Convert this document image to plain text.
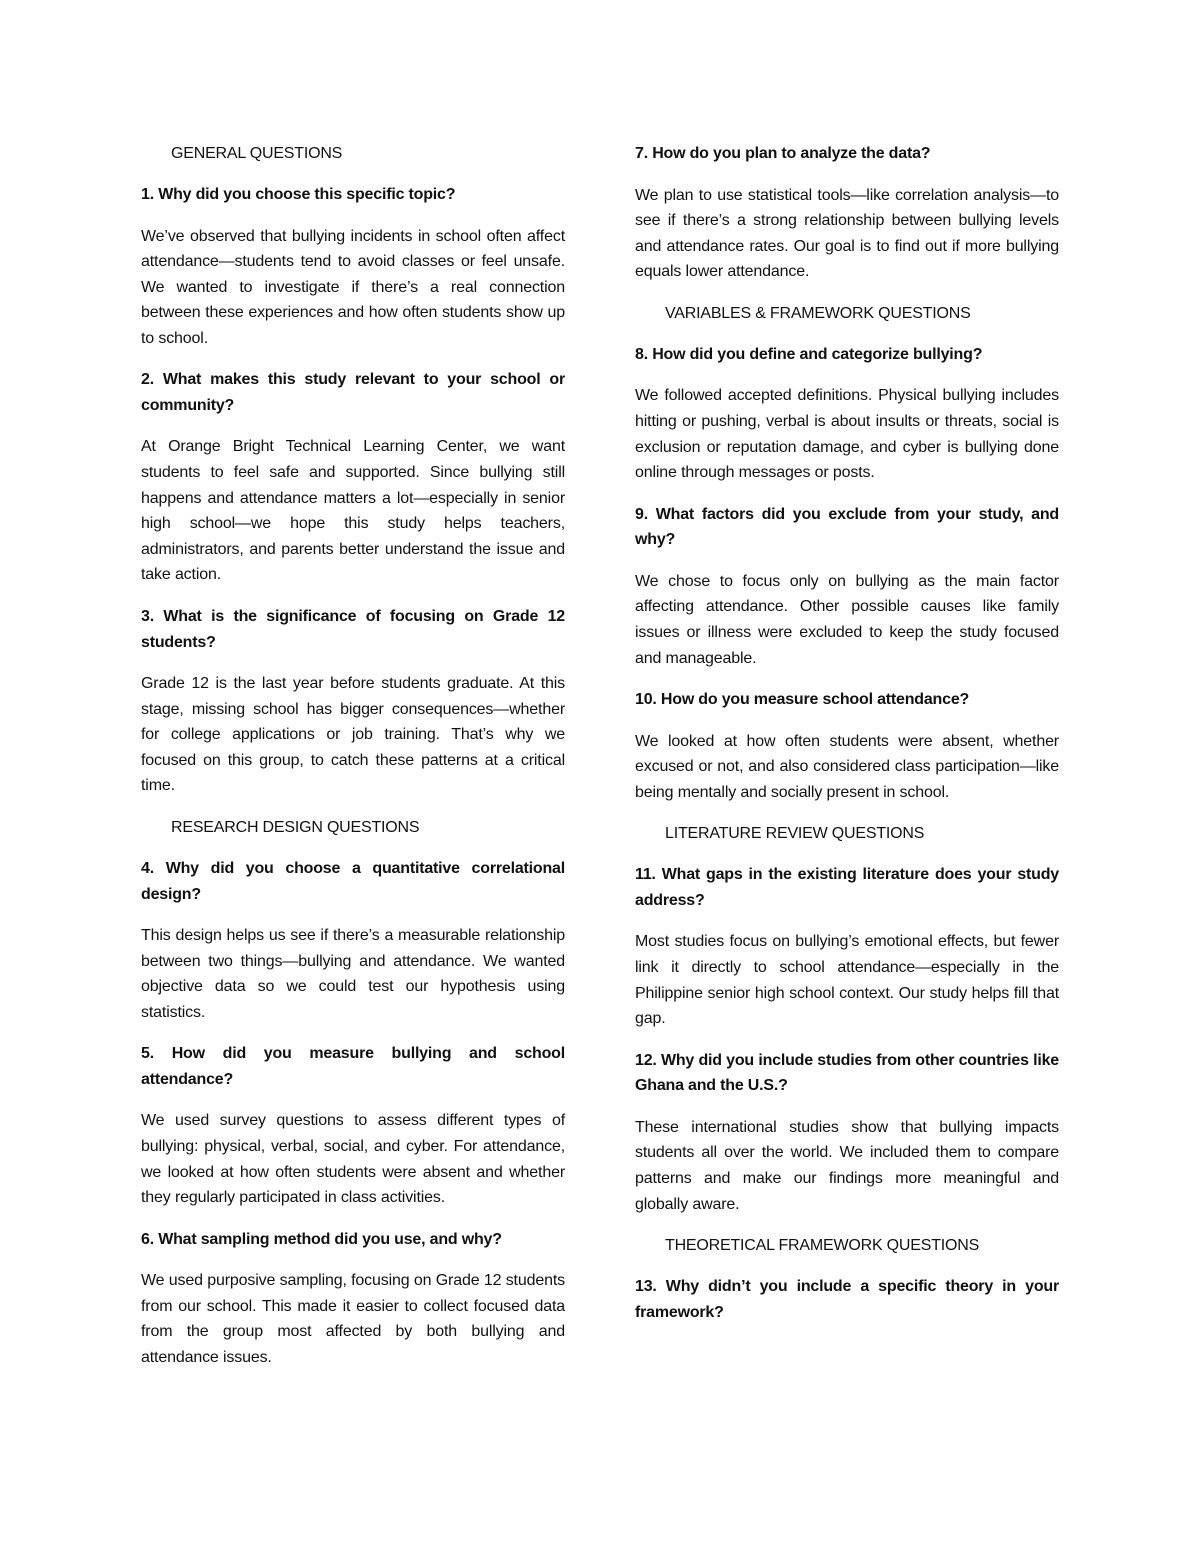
GENERAL QUESTIONS

1. Why did you choose this specific topic?

We’ve observed that bullying incidents in school often affect attendance—students tend to avoid classes or feel unsafe. We wanted to investigate if there’s a real connection between these experiences and how often students show up to school.

2. What makes this study relevant to your school or community?

At Orange Bright Technical Learning Center, we want students to feel safe and supported. Since bullying still happens and attendance matters a lot—especially in senior high school—we hope this study helps teachers, administrators, and parents better understand the issue and take action.

3. What is the significance of focusing on Grade 12 students?

Grade 12 is the last year before students graduate. At this stage, missing school has bigger consequences—whether for college applications or job training. That’s why we focused on this group, to catch these patterns at a critical time.

RESEARCH DESIGN QUESTIONS

4. Why did you choose a quantitative correlational design?

This design helps us see if there’s a measurable relationship between two things—bullying and attendance. We wanted objective data so we could test our hypothesis using statistics.

5. How did you measure bullying and school attendance?

We used survey questions to assess different types of bullying: physical, verbal, social, and cyber. For attendance, we looked at how often students were absent and whether they regularly participated in class activities.

6. What sampling method did you use, and why?

We used purposive sampling, focusing on Grade 12 students from our school. This made it easier to collect focused data from the group most affected by both bullying and attendance issues.

7. How do you plan to analyze the data?

We plan to use statistical tools—like correlation analysis—to see if there’s a strong relationship between bullying levels and attendance rates. Our goal is to find out if more bullying equals lower attendance.

VARIABLES & FRAMEWORK QUESTIONS

8. How did you define and categorize bullying?

We followed accepted definitions. Physical bullying includes hitting or pushing, verbal is about insults or threats, social is exclusion or reputation damage, and cyber is bullying done online through messages or posts.

9. What factors did you exclude from your study, and why?

We chose to focus only on bullying as the main factor affecting attendance. Other possible causes like family issues or illness were excluded to keep the study focused and manageable.

10. How do you measure school attendance?

We looked at how often students were absent, whether excused or not, and also considered class participation—like being mentally and socially present in school.

LITERATURE REVIEW QUESTIONS

11. What gaps in the existing literature does your study address?

Most studies focus on bullying’s emotional effects, but fewer link it directly to school attendance—especially in the Philippine senior high school context. Our study helps fill that gap.

12. Why did you include studies from other countries like Ghana and the U.S.?

These international studies show that bullying impacts students all over the world. We included them to compare patterns and make our findings more meaningful and globally aware.

THEORETICAL FRAMEWORK QUESTIONS

13. Why didn’t you include a specific theory in your framework?
